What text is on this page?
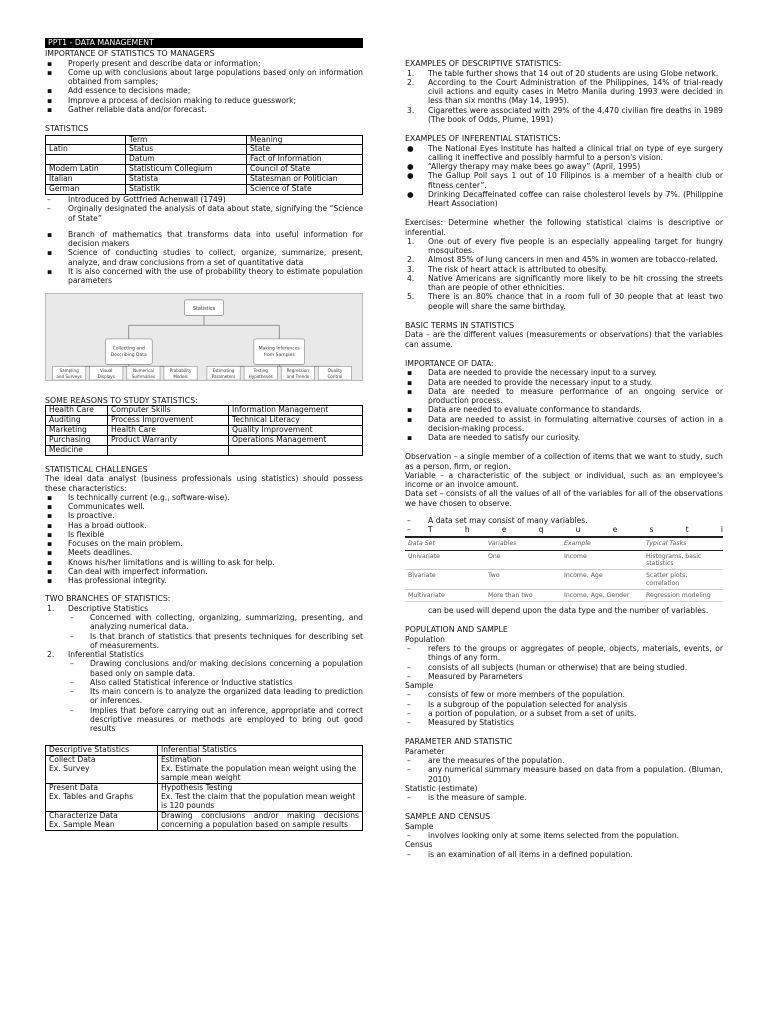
PPT1 - DATA MANAGEMENT
IMPORTANCE OF STATISTICS TO MANAGERS
▪	Properly present and describe data or information;
▪	Come up with conclusions about large populations based only on information obtained from samples;
▪	Add essence to decisions made;
▪	Improve a process of decision making to reduce guesswork;
▪	Gather reliable data and/or forecast.
STATISTICS
	Term	Meaning
Latin	Status	State
	Datum	Fact of Information
Modern Latin	Statisticum Collegium	Council of State
Italian	Statista	Statesman or Politician
German	Statistik	Science of State
–	Introduced by Gottfried Achenwall (1749)
–	Orginally designated the analysis of data about state, signifying the “Science of State”
▪	Branch of mathematics that transforms data into useful information for decision makers
▪	Science of conducting studies to collect, organize, summarize, present, analyze, and draw conclusions from a set of quantitative data
▪	It is also concerned with the use of probability theory to estimate population parameters
Statistics
Collecting and
Describing Data
Making Inferences
from Samples
Sampling
and Surveys
Visual
Displays
Numerical
Summaries
Probability
Models
Estimating
Parameters
Testing
Hypotheses
Regression
and Trends
Quality
Control
SOME REASONS TO STUDY STATISTICS:
Health Care	Computer Skills	Information Management
Auditing	Process Improvement	Technical Literacy
Marketing	Health Care	Quality Improvement
Purchasing	Product Warranty	Operations Management
Medicine		
STATISTICAL CHALLENGES

The ideal data analyst (business professionals using statistics) should possess these characteristics:

▪	Is technically current (e.g., software-wise).
▪	Communicates well.
▪	Is proactive.
▪	Has a broad outlook.
▪	Is flexible
▪	Focuses on the main problem.
▪	Meets deadlines.
▪	Knows his/her limitations and is willing to ask for help.
▪	Can deal with imperfect information.
▪	Has professional integrity.
TWO BRANCHES OF STATISTICS:
1.	Descriptive Statistics
–	Concerned with collecting, organizing, summarizing, presenting, and analyzing numerical data.
–	Is that branch of statistics that presents techniques for describing set of measurements.
2.	Inferential Statistics
–	Drawing conclusions and/or making decisions concerning a population based only on sample data.
–	Also called Statistical inference or Inductive statistics
–	Its main concern is to analyze the organized data leading to prediction or inferences.
–	Implies that before carrying out an inference, appropriate and correct descriptive measures or methods are employed to bring out good results
Descriptive Statistics	Inferential Statistics
Collect Data
Ex. Survey	Estimation
Ex. Estimate the population mean weight using the sample mean weight
Present Data
Ex. Tables and Graphs	Hypothesis Testing
Ex. Test the claim that the population mean weight is 120 pounds
Characterize Data
Ex. Sample Mean	Drawing conclusions and/or making decisions concerning a population based on sample results
EXAMPLES OF DESCRIPTIVE STATISTICS:
1.	The table further shows that 14 out of 20 students are using Globe network.
2.	According to the Court Administration of the Philippines, 14% of trial-ready civil actions and equity cases in Metro Manila during 1993 were decided in less than six months (May 14, 1995).
3.	Cigarettes were associated with 29% of the 4,470 civilian fire deaths in 1989 (The book of Odds, Plume, 1991)
EXAMPLES OF INFERENTIAL STATISTICS:
●	The National Eyes Institute has halted a clinical trial on type of eye surgery calling it ineffective and possibly harmful to a person's vision.
●	“Allergy therapy may make bees go away” (April, 1995)
●	The Gallup Poll says 1 out of 10 Filipinos is a member of a health club or fitness center”.
●	Drinking Decaffeinated coffee can raise cholesterol levels by 7%. (Philippine Heart Association)

Exercises: Determine whether the following statistical claims is descriptive or inferential.

1.	One out of every five people is an especially appealing target for hungry mosquitoes.
2.	Almost 85% of lung cancers in men and 45% in women are tobacco-related.
3.	The risk of heart attack is attributed to obesity.
4.	Native Americans are significantly more likely to be hit crossing the streets than are people of other ethnicities.
5.	There is an 80% chance that in a room full of 30 people that at least two people will share the same birthday.
BASIC TERMS IN STATISTICS

Data – are the different values (measurements or observations) that the variables can assume.

IMPORTANCE OF DATA:
▪	Data are needed to provide the necessary input to a survey.
▪	Data are needed to provide the necessary input to a study.
▪	Data are needed to measure performance of an ongoing service or production process.
▪	Data are needed to evaluate conformance to standards.
▪	Data are needed to assist in formulating alternative courses of action in a decision-making process.
▪	Data are needed to satisfy our curiosity.

Observation – a single member of a collection of items that we want to study, such as a person, firm, or region.

Variable – a characteristic of the subject or individual, such as an employee's income or an invoice amount.

Data set – consists of all the values of all of the variables for all of the observations we have chosen to observe.

– A data set may consist of many variables.
– T	h	e	q	u	e	s	t	i
Data Set	Variables	Example	Typical Tasks
Univariate	One	Income	Histograms, basic statistics
Bivariate	Two	Income, Age	Scatter plots, correlation
Multivariate	More than two	Income, Age, Gender	Regression modeling

can be used will depend upon the data type and the number of variables.

POPULATION AND SAMPLE

Population

–	refers to the groups or aggregates of people, objects, materials, events, or things of any form.
–	consists of all subjects (human or otherwise) that are being studied.
–	Measured by Parameters

Sample

–	consists of few or more members of the population.
–	Is a subgroup of the population selected for analysis
–	a portion of population, or a subset from a set of units.
–	Measured by Statistics
PARAMETER AND STATISTIC

Parameter

–	are the measures of the population.
–	any numerical summary measure based on data from a population. (Bluman, 2010)

Statistic (estimate)

–	is the measure of sample.
SAMPLE AND CENSUS

Sample

–	involves looking only at some items selected from the population.

Census

–	is an examination of all items in a defined population.
